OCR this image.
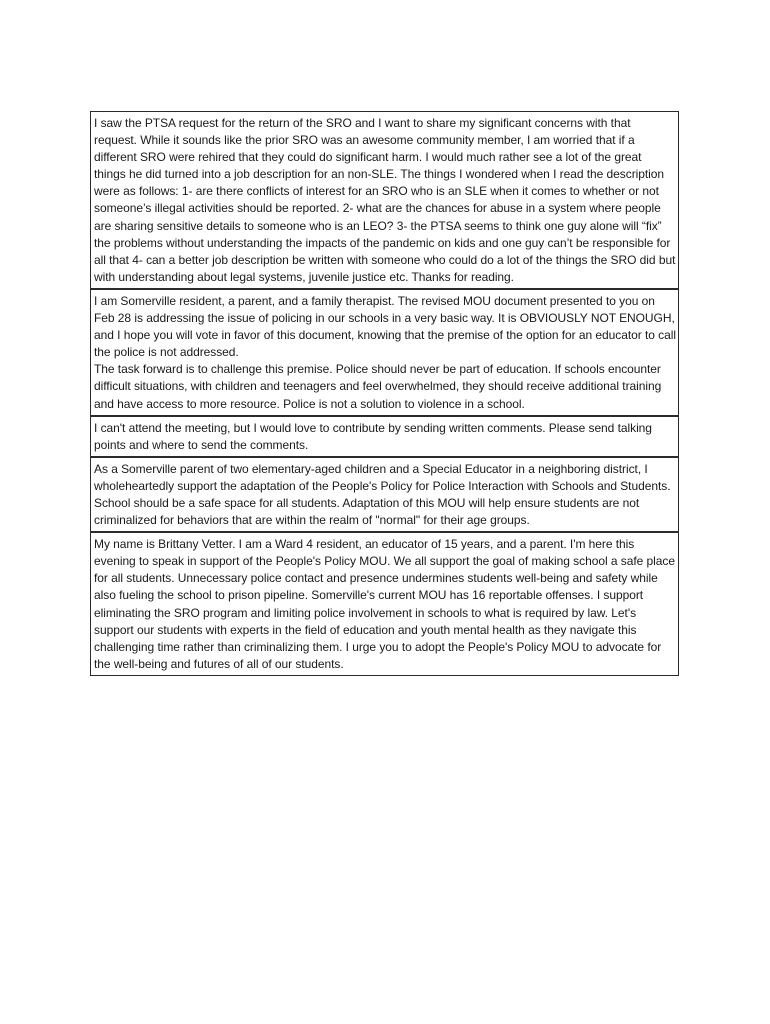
I saw the PTSA request for the return of the SRO and I want to share my significant concerns with that request. While it sounds like the prior SRO was an awesome community member, I am worried that if a different SRO were rehired that they could do significant harm. I would much rather see a lot of the great things he did turned into a job description for an non-SLE. The things I wondered when I read the description were as follows: 1- are there conflicts of interest for an SRO who is an SLE when it comes to whether or not someone’s illegal activities should be reported. 2- what are the chances for abuse in a system where people are sharing sensitive details to someone who is an LEO? 3- the PTSA seems to think one guy alone will “fix” the problems without understanding the impacts of the pandemic on kids and one guy can’t be responsible for all that 4- can a better job description be written with someone who could do a lot of the things the SRO did but with understanding about legal systems, juvenile justice etc. Thanks for reading.
I am Somerville resident, a parent, and a family therapist. The revised MOU document presented to you on Feb 28 is addressing the issue of policing in our schools in a very basic way. It is OBVIOUSLY NOT ENOUGH, and I hope you will vote in favor of this document, knowing that the premise of the option for an educator to call the police is not addressed.
The task forward is to challenge this premise. Police should never be part of education. If schools encounter difficult situations, with children and teenagers and feel overwhelmed, they should receive additional training and have access to more resource. Police is not a solution to violence in a school.
I can't attend the meeting, but I would love to contribute by sending written comments. Please send talking points and where to send the comments.
As a Somerville parent of two elementary-aged children and a Special Educator in a neighboring district, I wholeheartedly support the adaptation of the People's Policy for Police Interaction with Schools and Students. School should be a safe space for all students. Adaptation of this MOU will help ensure students are not criminalized for behaviors that are within the realm of "normal" for their age groups.
My name is Brittany Vetter. I am a Ward 4 resident, an educator of 15 years, and a parent. I'm here this evening to speak in support of the People's Policy MOU. We all support the goal of making school a safe place for all students. Unnecessary police contact and presence undermines students well-being and safety while also fueling the school to prison pipeline. Somerville's current MOU has 16 reportable offenses. I support eliminating the SRO program and limiting police involvement in schools to what is required by law. Let's support our students with experts in the field of education and youth mental health as they navigate this challenging time rather than criminalizing them. I urge you to adopt the People's Policy MOU to advocate for the well-being and futures of all of our students.
